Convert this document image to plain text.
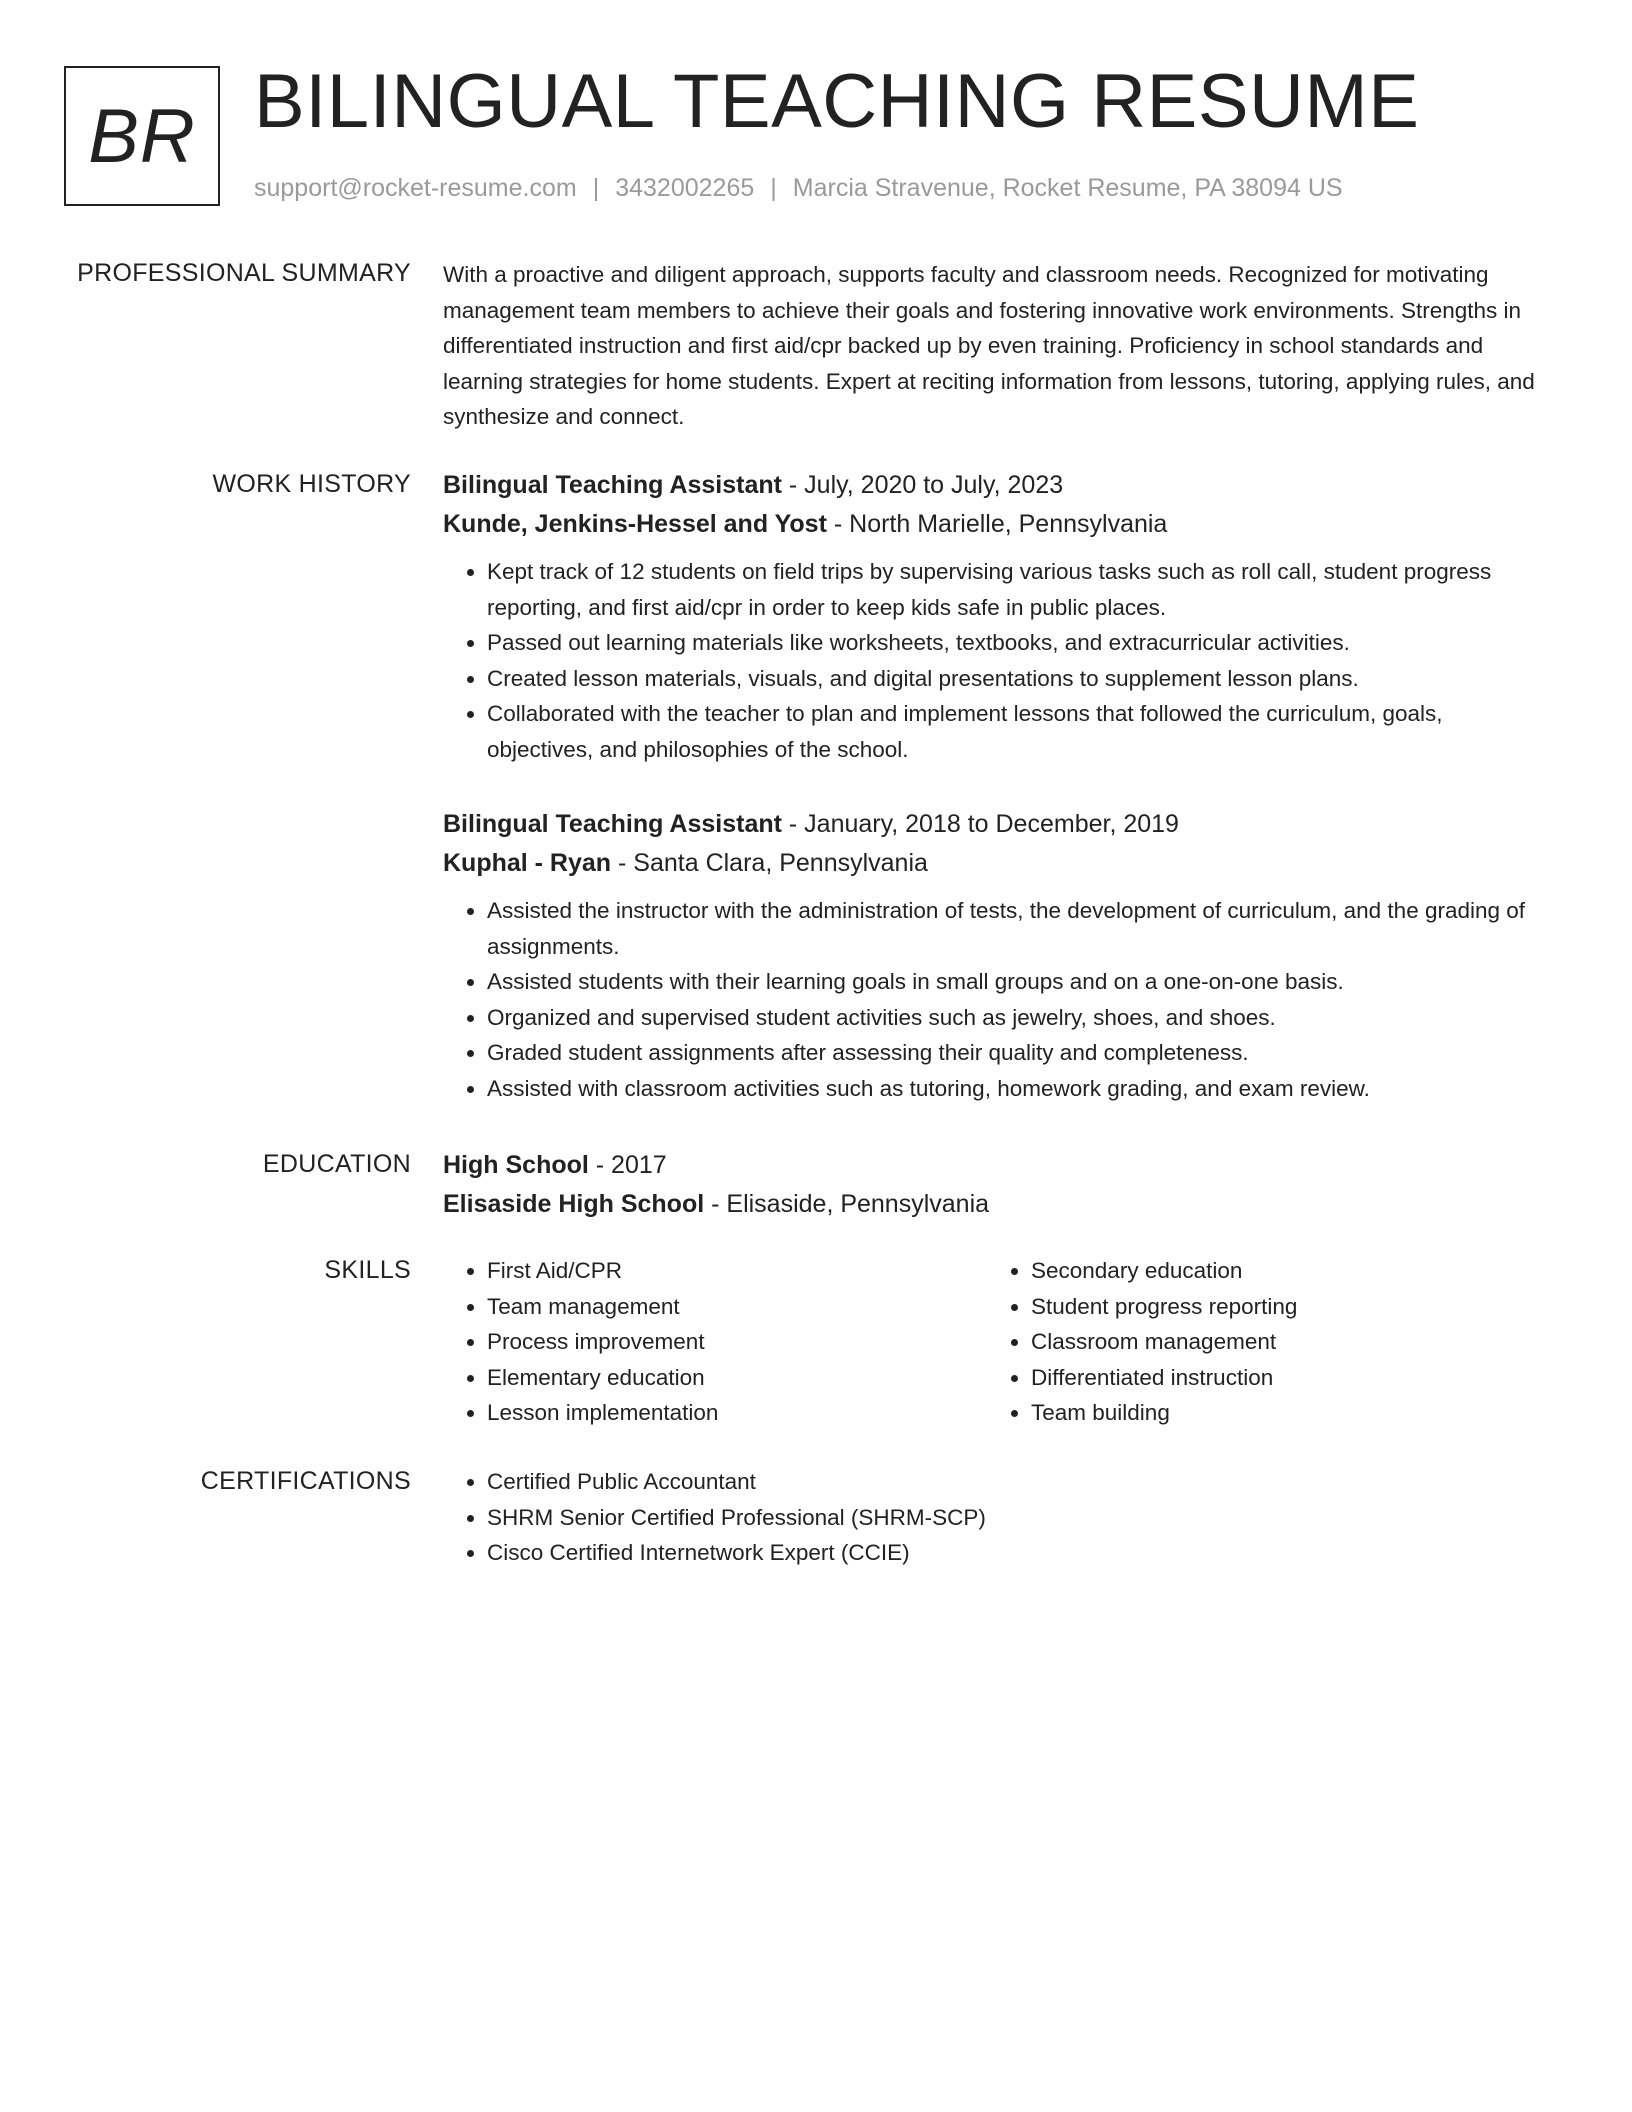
BR BILINGUAL TEACHING RESUME
support@rocket-resume.com | 3432002265 | Marcia Stravenue, Rocket Resume, PA 38094 US
PROFESSIONAL SUMMARY With a proactive and diligent approach, supports faculty and classroom needs. Recognized for motivating management team members to achieve their goals and fostering innovative work environments. Strengths in differentiated instruction and first aid/cpr backed up by even training. Proficiency in school standards and learning strategies for home students. Expert at reciting information from lessons, tutoring, applying rules, and synthesize and connect.

WORK HISTORY Bilingual Teaching Assistant - July, 2020 to July, 2023
Kunde, Jenkins-Hessel and Yost - North Marielle, Pennsylvania
• Kept track of 12 students on field trips by supervising various tasks such as roll call, student progress reporting, and first aid/cpr in order to keep kids safe in public places.
• Passed out learning materials like worksheets, textbooks, and extracurricular activities.
• Created lesson materials, visuals, and digital presentations to supplement lesson plans.
• Collaborated with the teacher to plan and implement lessons that followed the curriculum, goals, objectives, and philosophies of the school.
Bilingual Teaching Assistant - January, 2018 to December, 2019
Kuphal - Ryan - Santa Clara, Pennsylvania
• Assisted the instructor with the administration of tests, the development of curriculum, and the grading of assignments.
• Assisted students with their learning goals in small groups and on a one-on-one basis.
• Organized and supervised student activities such as jewelry, shoes, and shoes.
• Graded student assignments after assessing their quality and completeness.
• Assisted with classroom activities such as tutoring, homework grading, and exam review.
EDUCATION High School - 2017
Elisaside High School - Elisaside, Pennsylvania
SKILLS	• First Aid/CPR
• Team management
• Process improvement
• Elementary education
• Lesson implementation
• Secondary education
• Student progress reporting
• Classroom management
• Differentiated instruction
• Team building
CERTIFICATIONS	• Certified Public Accountant
• SHRM Senior Certified Professional (SHRM-SCP)
• Cisco Certified Internetwork Expert (CCIE)
